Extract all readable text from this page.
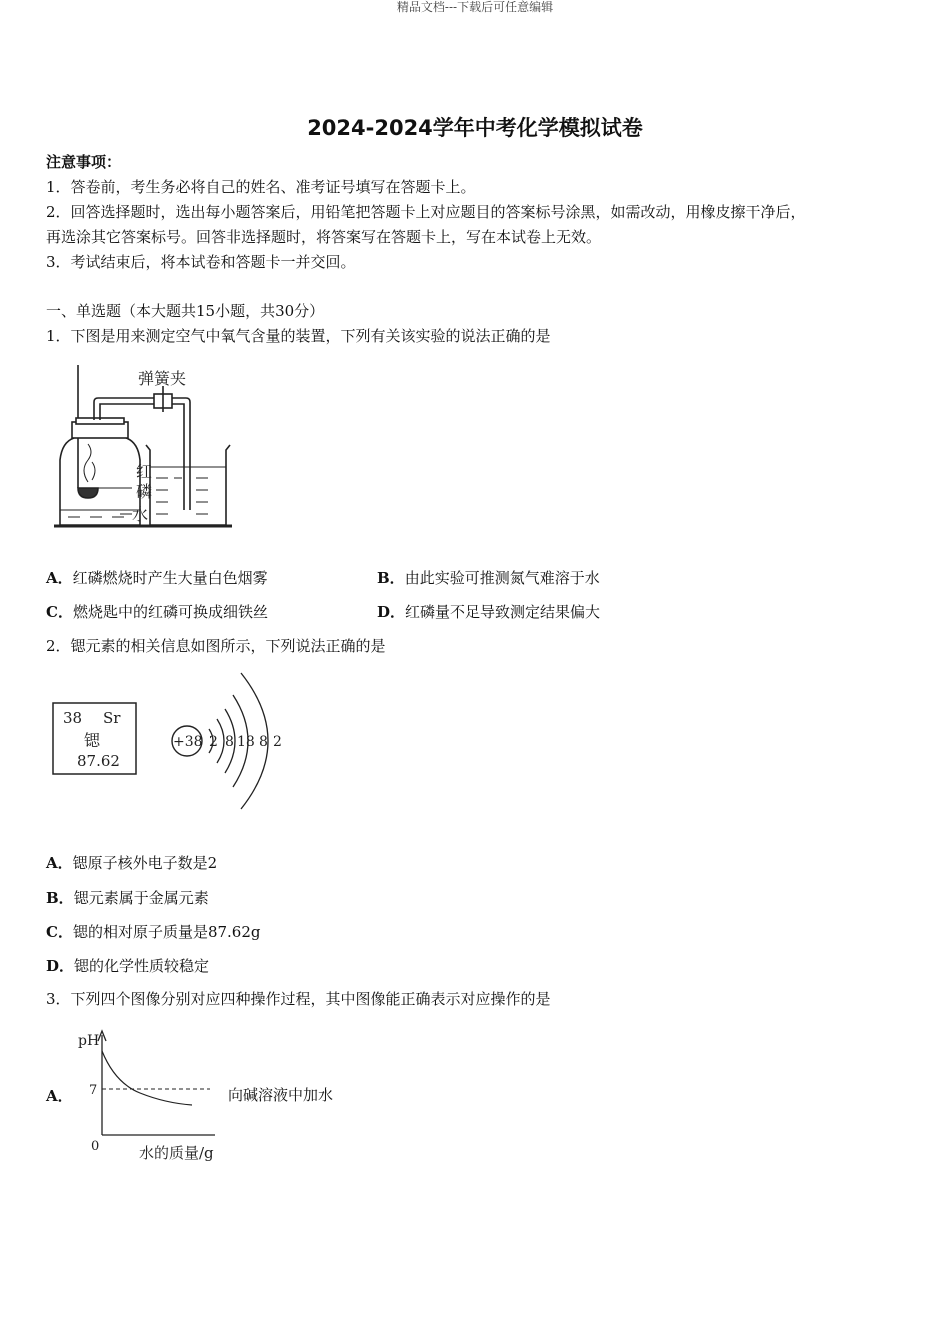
精品文档---下载后可任意编辑
2024-2024学年中考化学模拟试卷
注意事项：
1．答卷前，考生务必将自己的姓名、准考证号填写在答题卡上。
2．回答选择题时，选出每小题答案后，用铅笔把答题卡上对应题目的答案标号涂黑，如需改动，用橡皮擦干净后，
再选涂其它答案标号。回答非选择题时，将答案写在答题卡上，写在本试卷上无效。
3．考试结束后，将本试卷和答题卡一并交回。
一、单选题（本大题共15小题，共30分）
1．下图是用来测定空气中氧气含量的装置，下列有关该实验的说法正确的是
弹簧夹
红
磷
水
A．红磷燃烧时产生大量白色烟雾	B．由此实验可推测氮气难溶于水
C．燃烧匙中的红磷可换成细铁丝	D．红磷量不足导致测定结果偏大
2．锶元素的相关信息如图所示，下列说法正确的是
38 Sr
锶
87.62
+38 2 8 18 8 2
A．锶原子核外电子数是2
B．锶元素属于金属元素
C．锶的相对原子质量是87.62g
D．锶的化学性质较稳定
3．下列四个图像分别对应四种操作过程，其中图像能正确表示对应操作的是
A．
pH
7
0	水的质量/g
向碱溶液中加水
